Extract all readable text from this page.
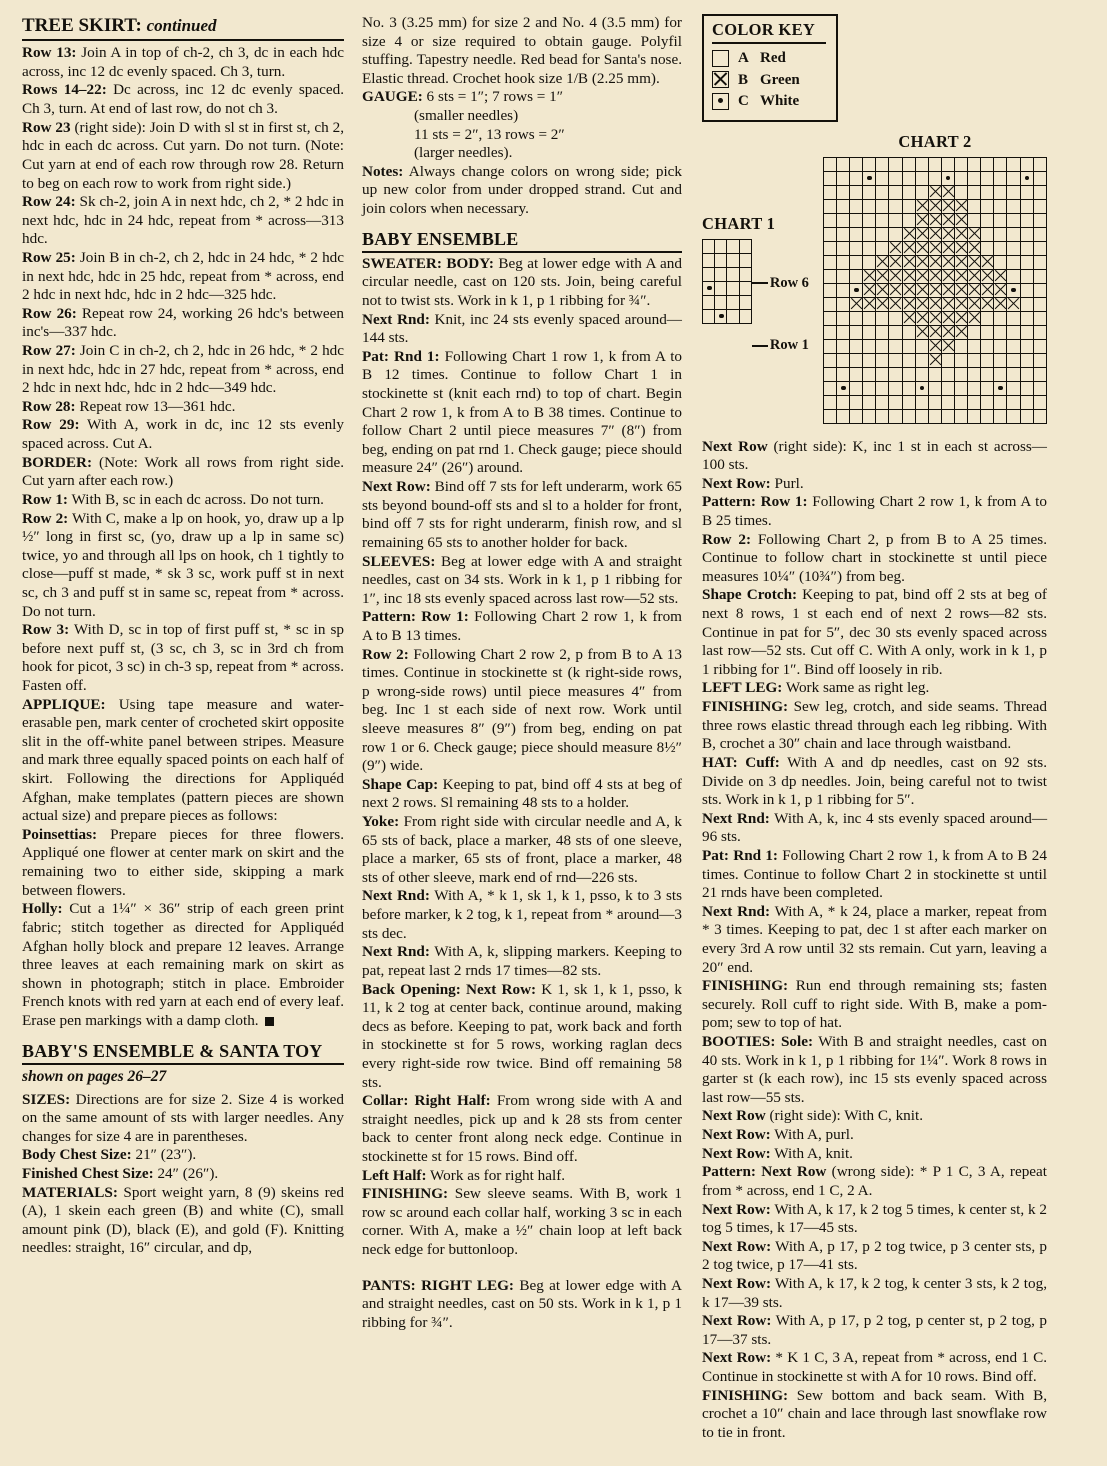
TREE SKIRT: continued

Row 13: Join A in top of ch-2, ch 3, dc in each hdc across, inc 12 dc evenly spaced. Ch 3, turn.

Rows 14–22: Dc across, inc 12 dc evenly spaced. Ch 3, turn. At end of last row, do not ch 3.

Row 23 (right side): Join D with sl st in first st, ch 2, hdc in each dc across. Cut yarn. Do not turn. (Note: Cut yarn at end of each row through row 28. Return to beg on each row to work from right side.)

Row 24: Sk ch-2, join A in next hdc, ch 2, * 2 hdc in next hdc, hdc in 24 hdc, repeat from * across—313 hdc.

Row 25: Join B in ch-2, ch 2, hdc in 24 hdc, * 2 hdc in next hdc, hdc in 25 hdc, repeat from * across, end 2 hdc in next hdc, hdc in 2 hdc—325 hdc.

Row 26: Repeat row 24, working 26 hdc's between inc's—337 hdc.

Row 27: Join C in ch-2, ch 2, hdc in 26 hdc, * 2 hdc in next hdc, hdc in 27 hdc, repeat from * across, end 2 hdc in next hdc, hdc in 2 hdc—349 hdc.

Row 28: Repeat row 13—361 hdc.

Row 29: With A, work in dc, inc 12 sts evenly spaced across. Cut A.

BORDER: (Note: Work all rows from right side. Cut yarn after each row.)

Row 1: With B, sc in each dc across. Do not turn.

Row 2: With C, make a lp on hook, yo, draw up a lp ½″ long in first sc, (yo, draw up a lp in same sc) twice, yo and through all lps on hook, ch 1 tightly to close—puff st made, * sk 3 sc, work puff st in next sc, ch 3 and puff st in same sc, repeat from * across. Do not turn.

Row 3: With D, sc in top of first puff st, * sc in sp before next puff st, (3 sc, ch 3, sc in 3rd ch from hook for picot, 3 sc) in ch-3 sp, repeat from * across. Fasten off.

APPLIQUE: Using tape measure and water-erasable pen, mark center of crocheted skirt opposite slit in the off-white panel between stripes. Measure and mark three equally spaced points on each half of skirt. Following the directions for Appliquéd Afghan, make templates (pattern pieces are shown actual size) and prepare pieces as follows:

Poinsettias: Prepare pieces for three flowers. Appliqué one flower at center mark on skirt and the remaining two to either side, skipping a mark between flowers.

Holly: Cut a 1¼″ × 36″ strip of each green print fabric; stitch together as directed for Appliquéd Afghan holly block and prepare 12 leaves. Arrange three leaves at each remaining mark on skirt as shown in photograph; stitch in place. Embroider French knots with red yarn at each end of every leaf. Erase pen markings with a damp cloth.

BABY'S ENSEMBLE & SANTA TOY
shown on pages 26–27

SIZES: Directions are for size 2. Size 4 is worked on the same amount of sts with larger needles. Any changes for size 4 are in parentheses.

Body Chest Size: 21″ (23″).

Finished Chest Size: 24″ (26″).

MATERIALS: Sport weight yarn, 8 (9) skeins red (A), 1 skein each green (B) and white (C), small amount pink (D), black (E), and gold (F). Knitting needles: straight, 16″ circular, and dp,

No. 3 (3.25 mm) for size 2 and No. 4 (3.5 mm) for size 4 or size required to obtain gauge. Polyfil stuffing. Tapestry needle. Red bead for Santa's nose. Elastic thread. Crochet hook size 1/B (2.25 mm).

GAUGE: 6 sts = 1″; 7 rows = 1″

(smaller needles)

11 sts = 2″, 13 rows = 2″

(larger needles).

Notes: Always change colors on wrong side; pick up new color from under dropped strand. Cut and join colors when necessary.

BABY ENSEMBLE

SWEATER: BODY: Beg at lower edge with A and circular needle, cast on 120 sts. Join, being careful not to twist sts. Work in k 1, p 1 ribbing for ¾″.

Next Rnd: Knit, inc 24 sts evenly spaced around—144 sts.

Pat: Rnd 1: Following Chart 1 row 1, k from A to B 12 times. Continue to follow Chart 1 in stockinette st (knit each rnd) to top of chart. Begin Chart 2 row 1, k from A to B 38 times. Continue to follow Chart 2 until piece measures 7″ (8″) from beg, ending on pat rnd 1. Check gauge; piece should measure 24″ (26″) around.

Next Row: Bind off 7 sts for left underarm, work 65 sts beyond bound-off sts and sl to a holder for front, bind off 7 sts for right underarm, finish row, and sl remaining 65 sts to another holder for back.

SLEEVES: Beg at lower edge with A and straight needles, cast on 34 sts. Work in k 1, p 1 ribbing for 1″, inc 18 sts evenly spaced across last row—52 sts.

Pattern: Row 1: Following Chart 2 row 1, k from A to B 13 times.

Row 2: Following Chart 2 row 2, p from B to A 13 times. Continue in stockinette st (k right-side rows, p wrong-side rows) until piece measures 4″ from beg. Inc 1 st each side of next row. Work until sleeve measures 8″ (9″) from beg, ending on pat row 1 or 6. Check gauge; piece should measure 8½″ (9″) wide.

Shape Cap: Keeping to pat, bind off 4 sts at beg of next 2 rows. Sl remaining 48 sts to a holder.

Yoke: From right side with circular needle and A, k 65 sts of back, place a marker, 48 sts of one sleeve, place a marker, 65 sts of front, place a marker, 48 sts of other sleeve, mark end of rnd—226 sts.

Next Rnd: With A, * k 1, sk 1, k 1, psso, k to 3 sts before marker, k 2 tog, k 1, repeat from * around—3 sts dec.

Next Rnd: With A, k, slipping markers. Keeping to pat, repeat last 2 rnds 17 times—82 sts.

Back Opening: Next Row: K 1, sk 1, k 1, psso, k 11, k 2 tog at center back, continue around, making decs as before. Keeping to pat, work back and forth in stockinette st for 5 rows, working raglan decs every right-side row twice. Bind off remaining 58 sts.

Collar: Right Half: From wrong side with A and straight needles, pick up and k 28 sts from center back to center front along neck edge. Continue in stockinette st for 15 rows. Bind off.

Left Half: Work as for right half.

FINISHING: Sew sleeve seams. With B, work 1 row sc around each collar half, working 3 sc in each corner. With A, make a ½″ chain loop at left back neck edge for buttonloop.

PANTS: RIGHT LEG: Beg at lower edge with A and straight needles, cast on 50 sts. Work in k 1, p 1 ribbing for ¾″.

COLOR KEY
A Red
B Green
C White
CHART 1

Row 6
Row 1
CHART 2

Next Row (right side): K, inc 1 st in each st across—100 sts.

Next Row: Purl.

Pattern: Row 1: Following Chart 2 row 1, k from A to B 25 times.

Row 2: Following Chart 2, p from B to A 25 times. Continue to follow chart in stockinette st until piece measures 10¼″ (10¾″) from beg.

Shape Crotch: Keeping to pat, bind off 2 sts at beg of next 8 rows, 1 st each end of next 2 rows—82 sts. Continue in pat for 5″, dec 30 sts evenly spaced across last row—52 sts. Cut off C. With A only, work in k 1, p 1 ribbing for 1″. Bind off loosely in rib.

LEFT LEG: Work same as right leg.

FINISHING: Sew leg, crotch, and side seams. Thread three rows elastic thread through each leg ribbing. With B, crochet a 30″ chain and lace through waistband.

HAT: Cuff: With A and dp needles, cast on 92 sts. Divide on 3 dp needles. Join, being careful not to twist sts. Work in k 1, p 1 ribbing for 5″.

Next Rnd: With A, k, inc 4 sts evenly spaced around—96 sts.

Pat: Rnd 1: Following Chart 2 row 1, k from A to B 24 times. Continue to follow Chart 2 in stockinette st until 21 rnds have been completed.

Next Rnd: With A, * k 24, place a marker, repeat from * 3 times. Keeping to pat, dec 1 st after each marker on every 3rd A row until 32 sts remain. Cut yarn, leaving a 20″ end.

FINISHING: Run end through remaining sts; fasten securely. Roll cuff to right side. With B, make a pom-pom; sew to top of hat.

BOOTIES: Sole: With B and straight needles, cast on 40 sts. Work in k 1, p 1 ribbing for 1¼″. Work 8 rows in garter st (k each row), inc 15 sts evenly spaced across last row—55 sts.

Next Row (right side): With C, knit.

Next Row: With A, purl.

Next Row: With A, knit.

Pattern: Next Row (wrong side): * P 1 C, 3 A, repeat from * across, end 1 C, 2 A.

Next Row: With A, k 17, k 2 tog 5 times, k center st, k 2 tog 5 times, k 17—45 sts.

Next Row: With A, p 17, p 2 tog twice, p 3 center sts, p 2 tog twice, p 17—41 sts.

Next Row: With A, k 17, k 2 tog, k center 3 sts, k 2 tog, k 17—39 sts.

Next Row: With A, p 17, p 2 tog, p center st, p 2 tog, p 17—37 sts.

Next Row: * K 1 C, 3 A, repeat from * across, end 1 C. Continue in stockinette st with A for 10 rows. Bind off.

FINISHING: Sew bottom and back seam. With B, crochet a 10″ chain and lace through last snowflake row to tie in front.
